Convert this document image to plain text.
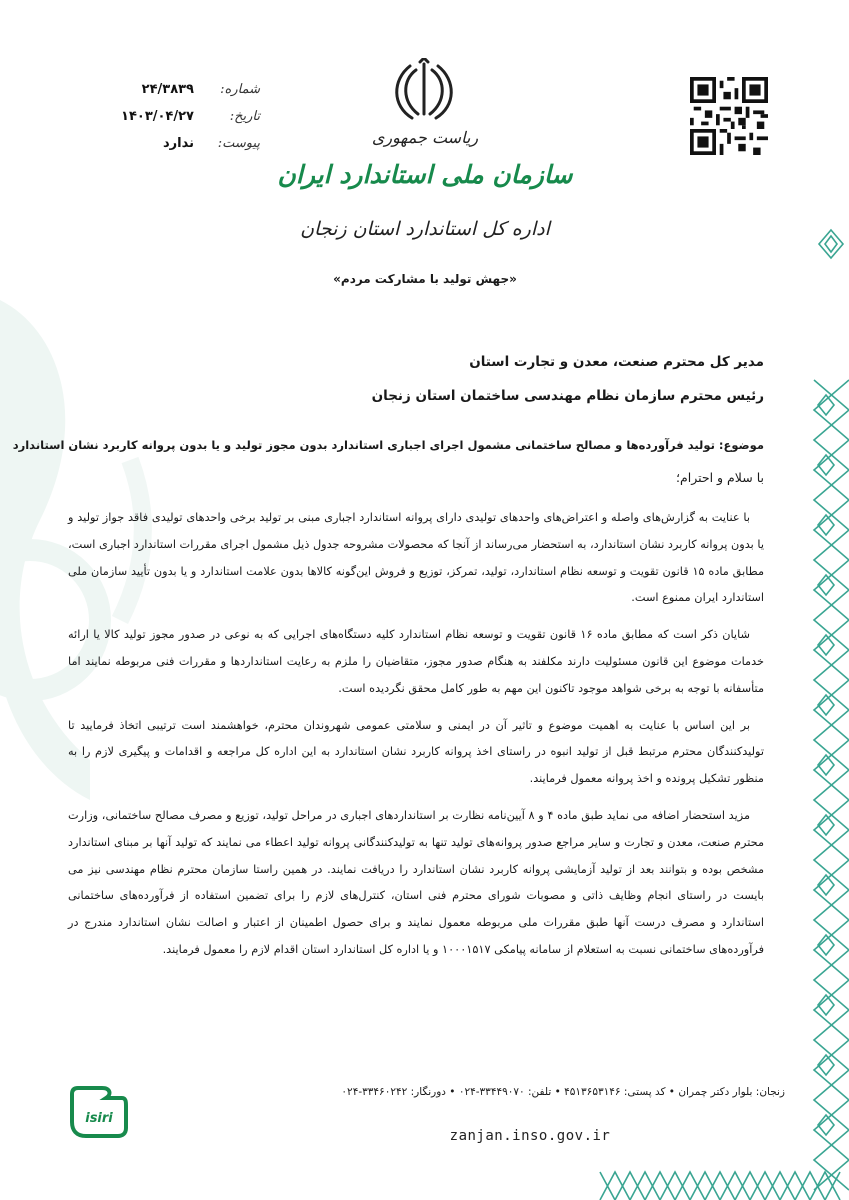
شماره:
۲۴/۳۸۳۹
تاریخ:
۱۴۰۳/۰۴/۲۷
پیوست:
ندارد	ریاست جمهوری
سازمان ملی استاندارد ایران
اداره کل استاندارد استان زنجان
«جهش تولید با مشارکت مردم»
مدیر کل محترم صنعت، معدن و تجارت استان
رئیس محترم سازمان نظام مهندسی ساختمان استان زنجان
موضوع: تولید فرآورده‌ها و مصالح ساختمانی مشمول اجرای اجباری استاندارد بدون مجوز تولید و یا بدون پروانه کاربرد نشان استاندارد
با سلام و احترام؛

با عنایت به گزارش‌های واصله و اعتراض‌های واحدهای تولیدی دارای پروانه استاندارد اجباری مبنی بر تولید برخی واحدهای تولیدی فاقد جواز تولید و یا بدون پروانه کاربرد نشان استاندارد، به استحضار می‌رساند از آنجا که محصولات مشروحه جدول ذیل مشمول اجرای مقررات استاندارد اجباری است، مطابق ماده ۱۵ قانون تقویت و توسعه نظام استاندارد، تولید، تمرکز، توزیع و فروش این‌گونه کالاها بدون علامت استاندارد و یا بدون تأیید سازمان ملی استاندارد ایران ممنوع است.

شایان ذکر است که مطابق ماده ۱۶ قانون تقویت و توسعه نظام استاندارد کلیه دستگاه‌های اجرایی که به نوعی در صدور مجوز تولید کالا یا ارائه خدمات موضوع این قانون مسئولیت دارند مکلفند به هنگام صدور مجوز، متقاضیان را ملزم به رعایت استانداردها و مقررات فنی مربوطه نمایند اما متأسفانه با توجه به برخی شواهد موجود تاکنون این مهم به طور کامل محقق نگردیده است.

بر این اساس با عنایت به اهمیت موضوع و تاثیر آن در ایمنی و سلامتی عمومی شهروندان محترم، خواهشمند است ترتیبی اتخاذ فرمایید تا تولیدکنندگان محترم مرتبط قبل از تولید انبوه در راستای اخذ پروانه کاربرد نشان استاندارد به این اداره کل مراجعه و اقدامات و پیگیری لازم را به منظور تشکیل پرونده و اخذ پروانه معمول فرمایند.

مزید استحضار اضافه می نماید طبق ماده ۴ و ۸ آیین‌نامه نظارت بر استانداردهای اجباری در مراحل تولید، توزیع و مصرف مصالح ساختمانی، وزارت محترم صنعت، معدن و تجارت و سایر مراجع صدور پروانه‌های تولید تنها به تولیدکنندگانی پروانه تولید اعطاء می نمایند که تولید آنها بر مبنای استاندارد مشخص بوده و بتوانند بعد از تولید آزمایشی پروانه کاربرد نشان استاندارد را دریافت نمایند. در همین راستا سازمان محترم نظام مهندسی نیز می بایست در راستای انجام وظایف ذاتی و مصوبات شورای محترم فنی استان، کنترل‌های لازم را برای تضمین استفاده از فرآورده‌های ساختمانی استاندارد و مصرف درست آنها طبق مقررات ملی مربوطه معمول نمایند و برای حصول اطمینان از اعتبار و اصالت نشان استاندارد مندرج در فرآورده‌های ساختمانی نسبت به استعلام از سامانه پیامکی ۱۰۰۰۱۵۱۷ و یا اداره کل استاندارد استان اقدام لازم را معمول فرمایند.

isiri
زنجان: بلوار دکتر چمران • کد پستی: ۴۵۱۳۶۵۳۱۴۶ • تلفن: ۳۳۴۴۹۰۷۰-۰۲۴ • دورنگار: ۳۳۴۶۰۲۴۲-۰۲۴
zanjan.inso.gov.ir
